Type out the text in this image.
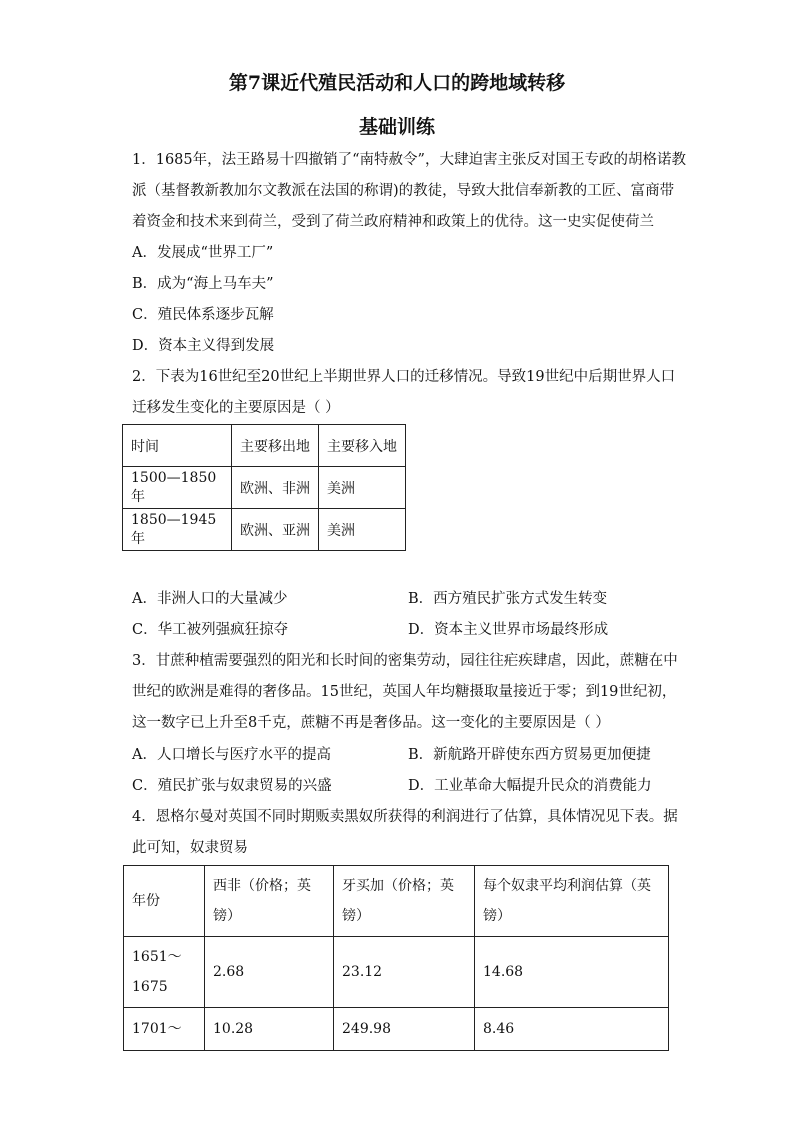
第7课近代殖民活动和人口的跨地域转移
基础训练
1．1685年，法王路易十四撤销了“南特赦令”，大肆迫害主张反对国王专政的胡格诺教
派（基督教新教加尔文教派在法国的称谓)的教徒，导致大批信奉新教的工匠、富商带
着资金和技术来到荷兰，受到了荷兰政府精神和政策上的优待。这一史实促使荷兰
A．发展成“世界工厂”
B．成为“海上马车夫”
C．殖民体系逐步瓦解
D．资本主义得到发展
2．下表为16世纪至20世纪上半期世界人口的迁移情况。导致19世纪中后期世界人口
迁移发生变化的主要原因是（ ）
时间	主要移出地	主要移入地
1500—1850年	欧洲、非洲	美洲
1850—1945年	欧洲、亚洲	美洲
A．非洲人口的大量减少	B．西方殖民扩张方式发生转变
C．华工被列强疯狂掠夺	D．资本主义世界市场最终形成
3．甘蔗种植需要强烈的阳光和长时间的密集劳动，园往往疟疾肆虐，因此，蔗糖在中
世纪的欧洲是难得的奢侈品。15世纪，英国人年均糖摄取量接近于零；到19世纪初，
这一数字已上升至8千克，蔗糖不再是奢侈品。这一变化的主要原因是（ ）
A．人口增长与医疗水平的提高	B．新航路开辟使东西方贸易更加便捷
C．殖民扩张与奴隶贸易的兴盛	D．工业革命大幅提升民众的消费能力
4．恩格尔曼对英国不同时期贩卖黑奴所获得的利润进行了估算，具体情况见下表。据
此可知，奴隶贸易
年份	西非（价格；英镑）	牙买加（价格；英镑）	每个奴隶平均利润估算（英镑）
1651～1675	2.68	23.12	14.68
1701～	10.28	249.98	8.46
